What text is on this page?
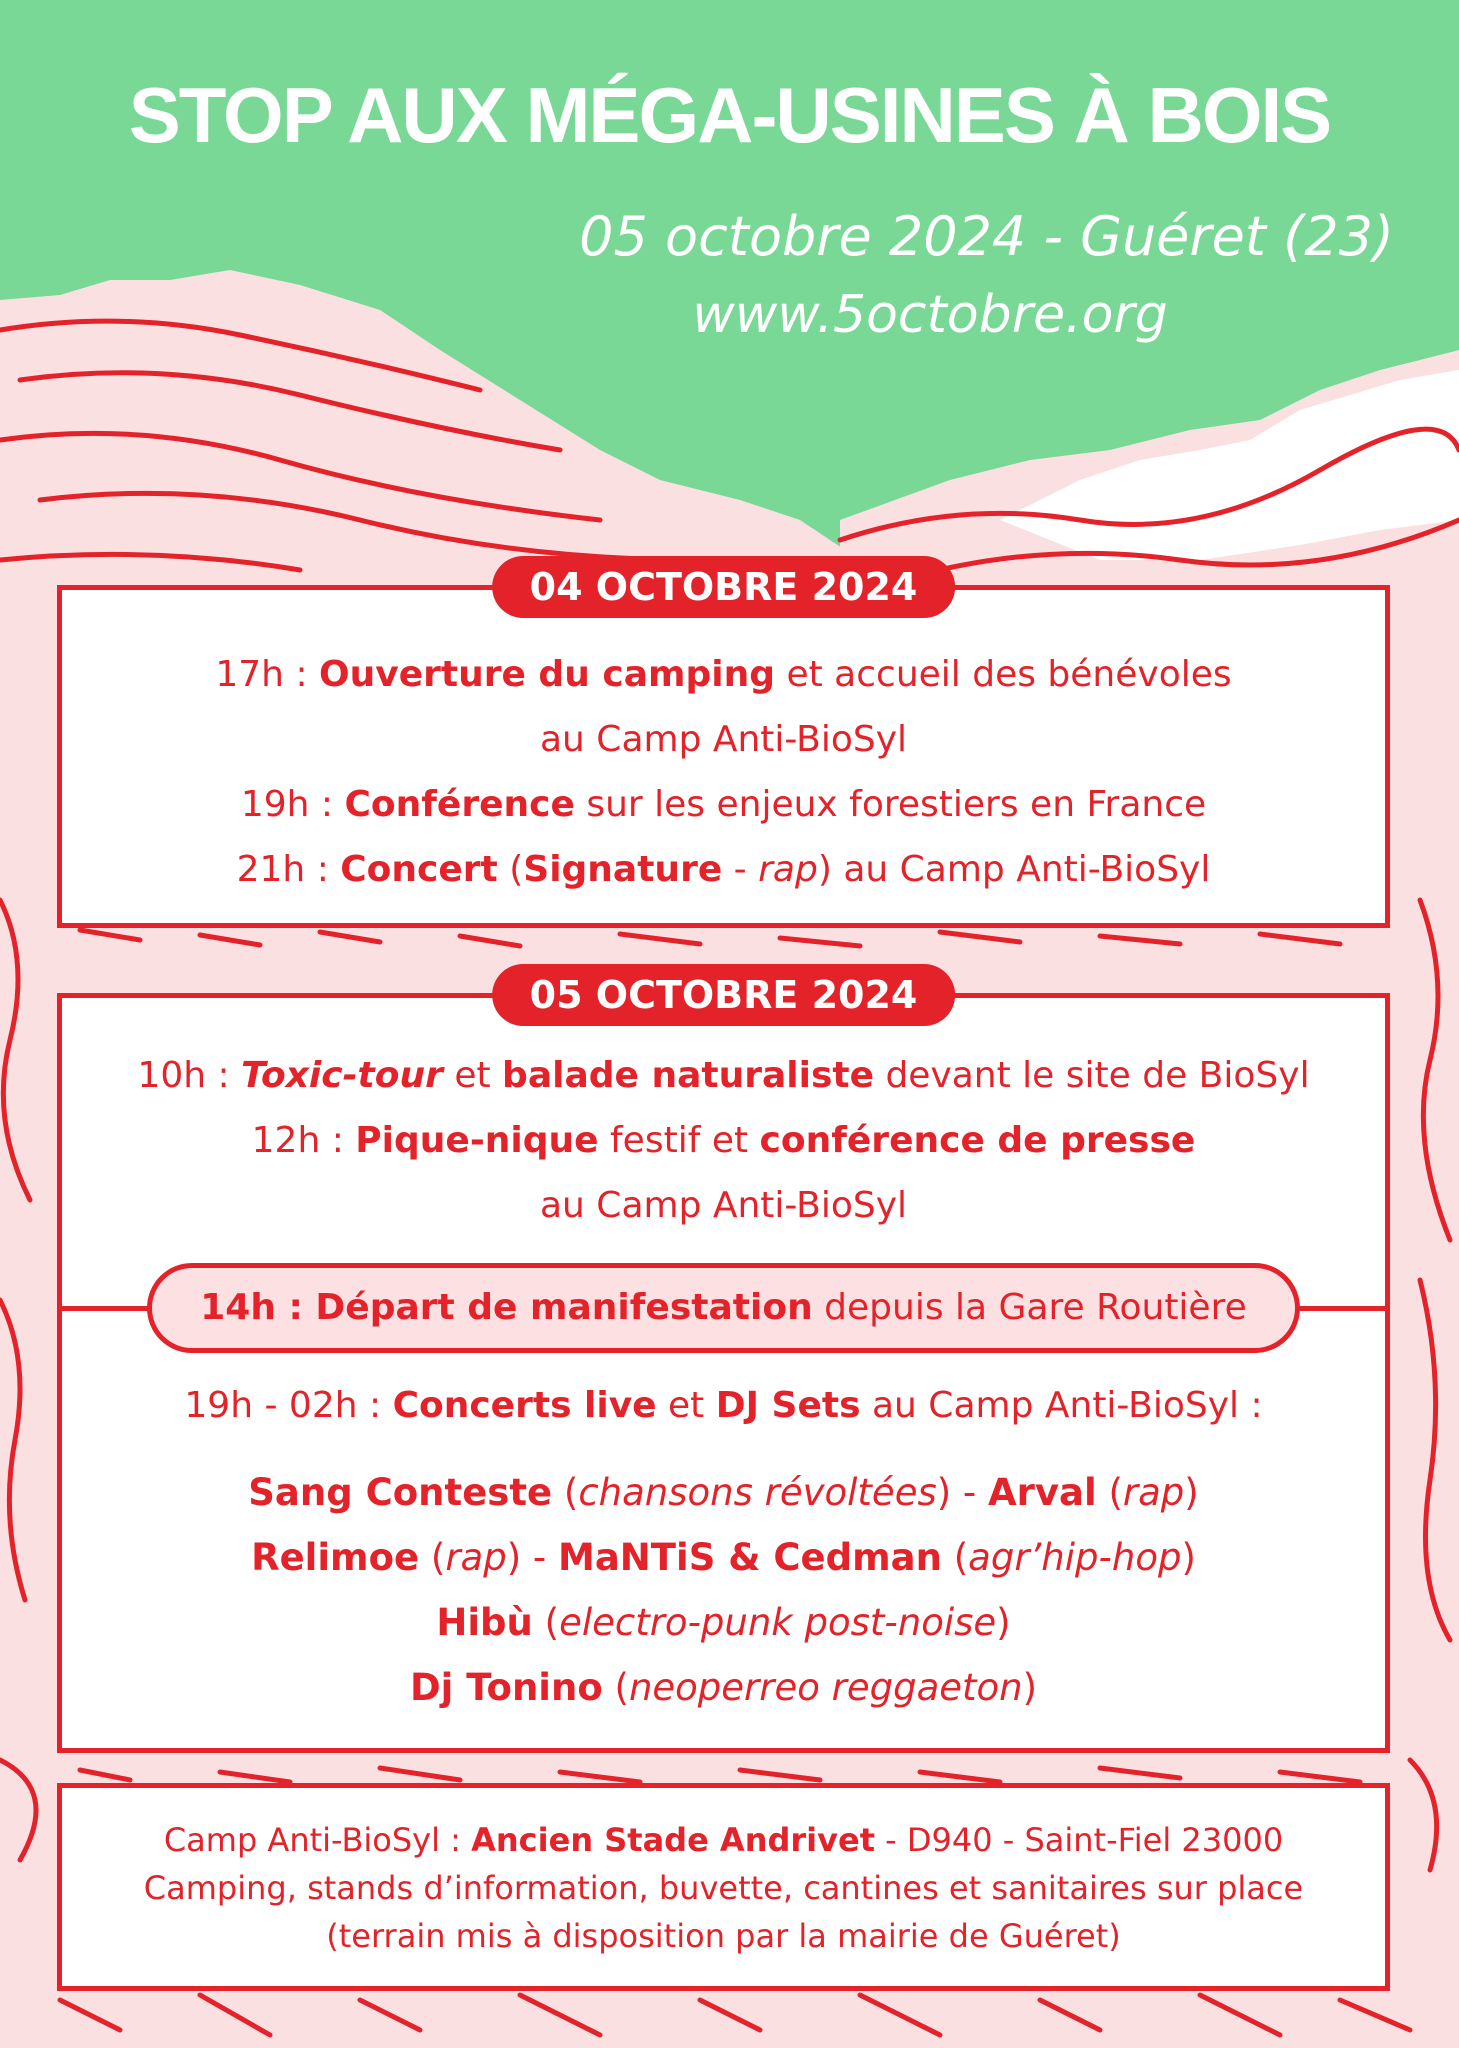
STOP AUX MÉGA-USINES À BOIS

05 octobre 2024 - Guéret (23)

www.5octobre.org

04 OCTOBRE 2024

17h : Ouverture du camping et accueil des bénévoles

au Camp Anti-BioSyl

19h : Conférence sur les enjeux forestiers en France

21h : Concert (Signature - rap) au Camp Anti-BioSyl

05 OCTOBRE 2024

10h : Toxic-tour et balade naturaliste devant le site de BioSyl

12h : Pique-nique festif et conférence de presse

au Camp Anti-BioSyl

14h : Départ de manifestation depuis la Gare Routière

19h - 02h : Concerts live et DJ Sets au Camp Anti-BioSyl :

Sang Conteste (chansons révoltées) - Arval (rap)

Relimoe (rap) - MaNTiS & Cedman (agr’hip-hop)

Hibù (electro-punk post-noise)

Dj Tonino (neoperreo reggaeton)

Camp Anti-BioSyl : Ancien Stade Andrivet - D940 - Saint-Fiel 23000

Camping, stands d’information, buvette, cantines et sanitaires sur place

(terrain mis à disposition par la mairie de Guéret)
